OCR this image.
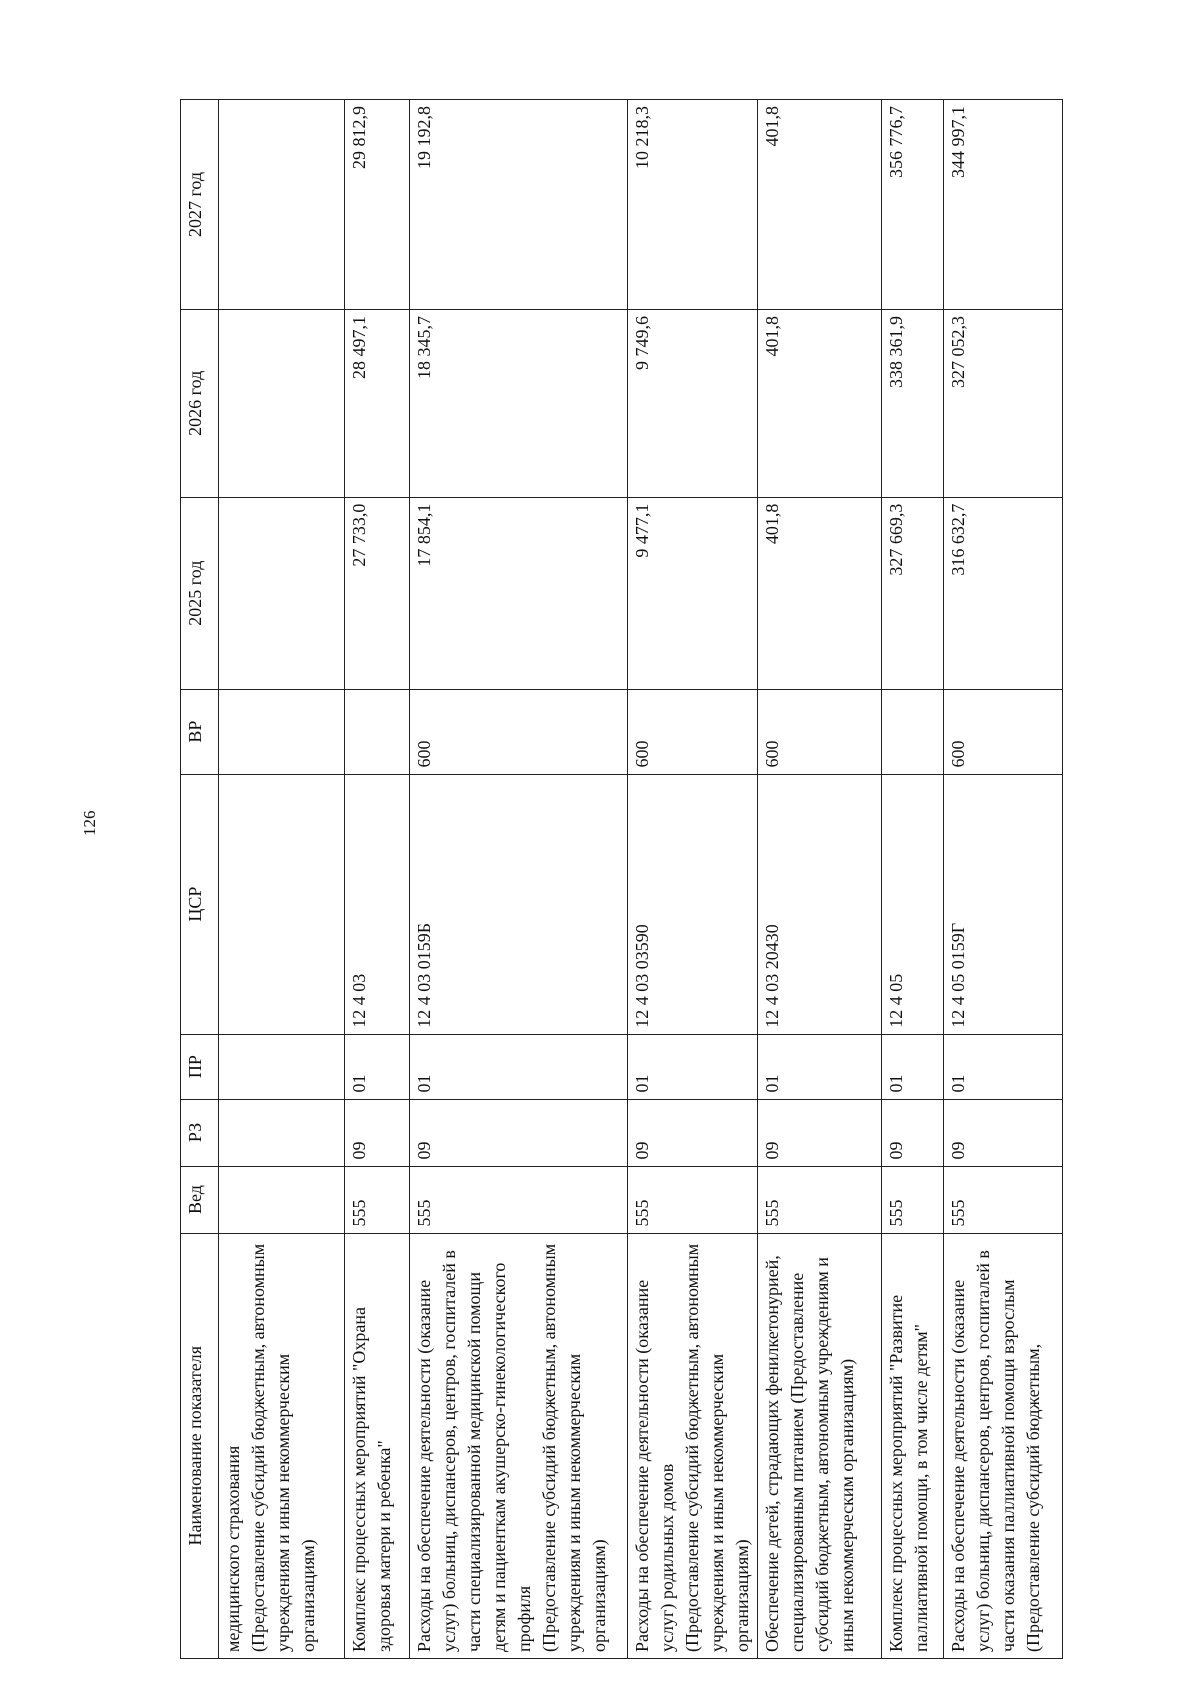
126
Наименование показателя	Вед	РЗ	ПР	ЦСР	ВР	2025 год	2026 год	2027 год
медицинского страхования
(Предоставление субсидий бюджетным, автономным учреждениям и иным некоммерческим организациям)								
Комплекс процессных мероприятий "Охрана здоровья матери и ребенка"	555	09	01	12 4 03		27 733,0	28 497,1	29 812,9
Расходы на обеспечение деятельности (оказание услуг) больниц, диспансеров, центров, госпиталей в части специализированной медицинской помощи детям и пациенткам акушерско-гинекологического профиля
(Предоставление субсидий бюджетным, автономным учреждениям и иным некоммерческим организациям)	555	09	01	12 4 03 0159Б	600	17 854,1	18 345,7	19 192,8
Расходы на обеспечение деятельности (оказание услуг) родильных домов
(Предоставление субсидий бюджетным, автономным учреждениям и иным некоммерческим организациям)	555	09	01	12 4 03 03590	600	9 477,1	9 749,6	10 218,3
Обеспечение детей, страдающих фенилкетонурией, специализированным питанием (Предоставление субсидий бюджетным, автономным учреждениям и иным некоммерческим организациям)	555	09	01	12 4 03 20430	600	401,8	401,8	401,8
Комплекс процессных мероприятий "Развитие паллиативной помощи, в том числе детям"	555	09	01	12 4 05		327 669,3	338 361,9	356 776,7
Расходы на обеспечение деятельности (оказание услуг) больниц, диспансеров, центров, госпиталей в части оказания паллиативной помощи взрослым
(Предоставление субсидий бюджетным,	555	09	01	12 4 05 0159Г	600	316 632,7	327 052,3	344 997,1
